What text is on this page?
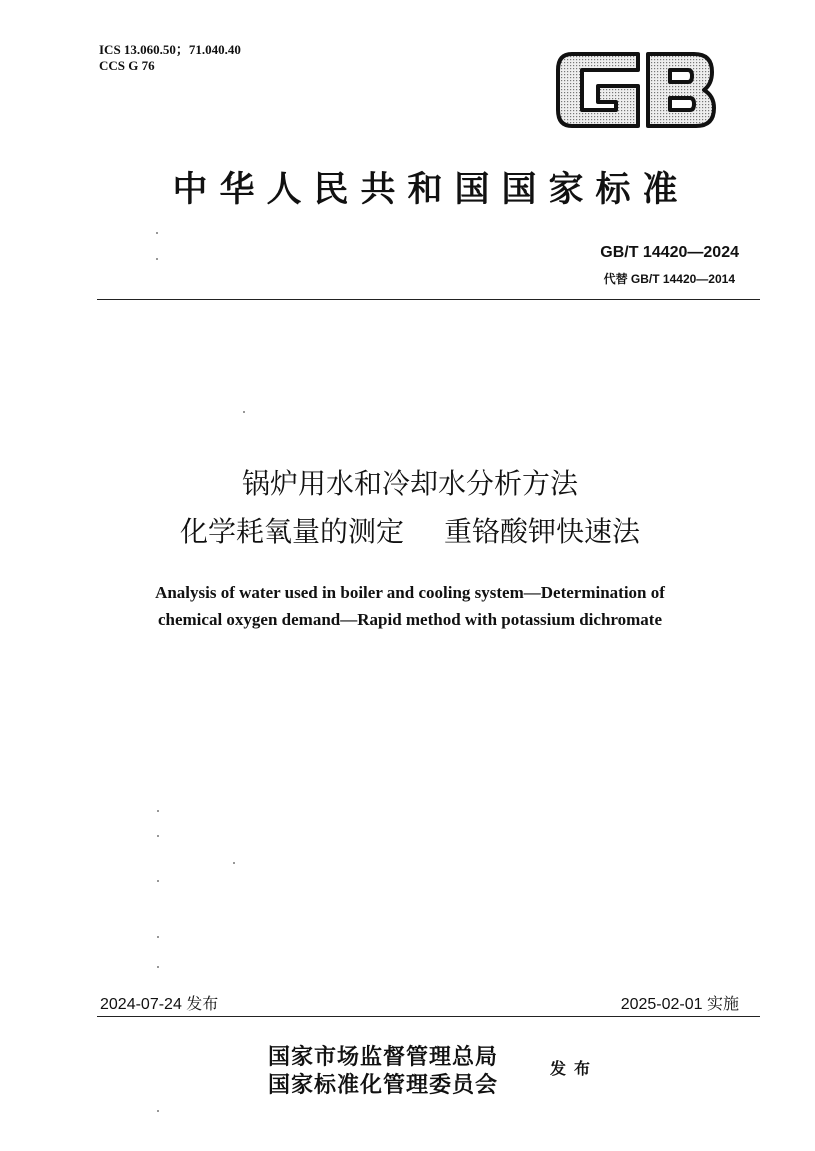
ICS 13.060.50；71.040.40
CCS G 76
中华人民共和国国家标准
GB/T 14420—2024
代替 GB/T 14420—2014
锅炉用水和冷却水分析方法
化学耗氧量的测定 重铬酸钾快速法
Analysis of water used in boiler and cooling system—Determination of
chemical oxygen demand—Rapid method with potassium dichromate
2024-07-24 发布	2025-02-01 实施
国家市场监督管理总局
国家标准化管理委员会
发布
